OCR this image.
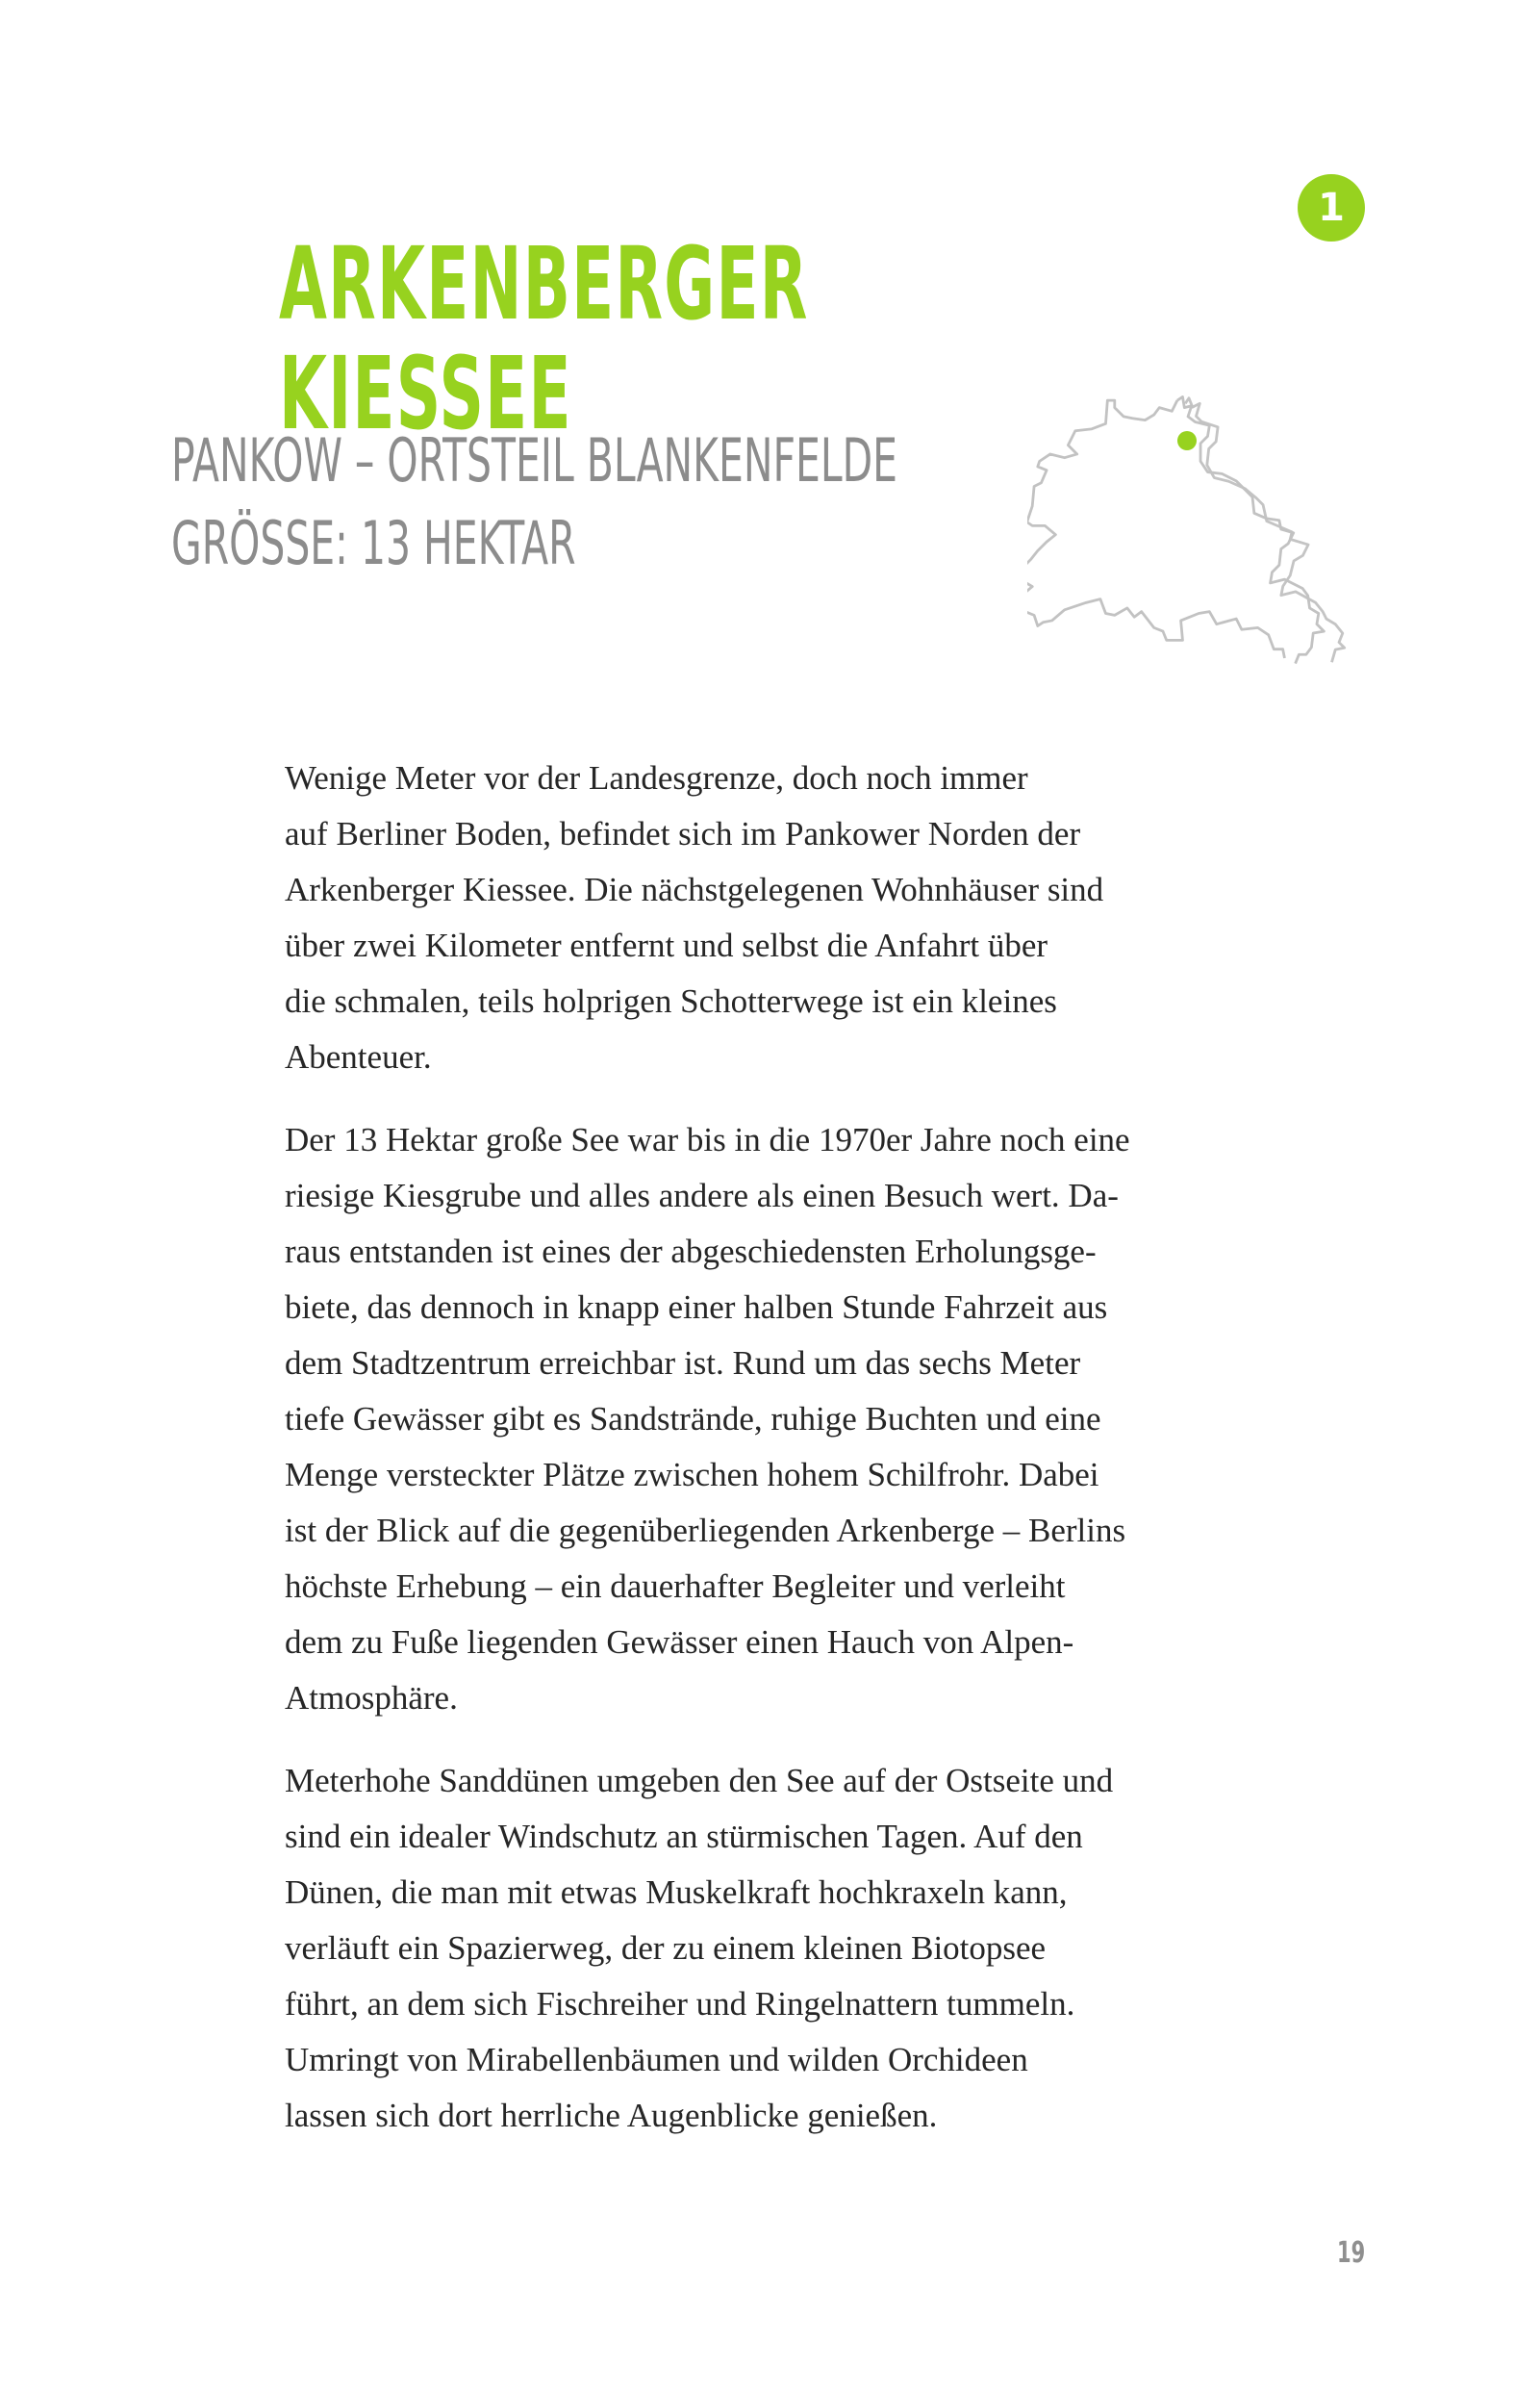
ARKENBERGER
KIESSEE
1
PANKOW – ORTSTEIL BLANKENFELDE
GRÖSSE: 13 HEKTAR

Wenige Meter vor der Landesgrenze, doch noch immer
auf Berliner Boden, befindet sich im Pankower Norden der
Arkenberger Kiessee. Die nächstgelegenen Wohnhäuser sind
über zwei Kilometer entfernt und selbst die Anfahrt über
die schmalen, teils holprigen Schotterwege ist ein kleines
Abenteuer.

Der 13 Hektar große See war bis in die 1970er Jahre noch eine
riesige Kiesgrube und alles andere als einen Besuch wert. Da-
raus entstanden ist eines der abgeschiedensten Erholungsge-
biete, das dennoch in knapp einer halben Stunde Fahrzeit aus
dem Stadtzentrum erreichbar ist. Rund um das sechs Meter
tiefe Gewässer gibt es Sandstrände, ruhige Buchten und eine
Menge versteckter Plätze zwischen hohem Schilfrohr. Dabei
ist der Blick auf die gegenüberliegenden Arkenberge – Berlins
höchste Erhebung – ein dauerhafter Begleiter und verleiht
dem zu Fuße liegenden Gewässer einen Hauch von Alpen-
Atmosphäre.

Meterhohe Sanddünen umgeben den See auf der Ostseite und
sind ein idealer Windschutz an stürmischen Tagen. Auf den
Dünen, die man mit etwas Muskelkraft hochkraxeln kann,
verläuft ein Spazierweg, der zu einem kleinen Biotopsee
führt, an dem sich Fischreiher und Ringelnattern tummeln.
Umringt von Mirabellenbäumen und wilden Orchideen
lassen sich dort herrliche Augenblicke genießen.

19
